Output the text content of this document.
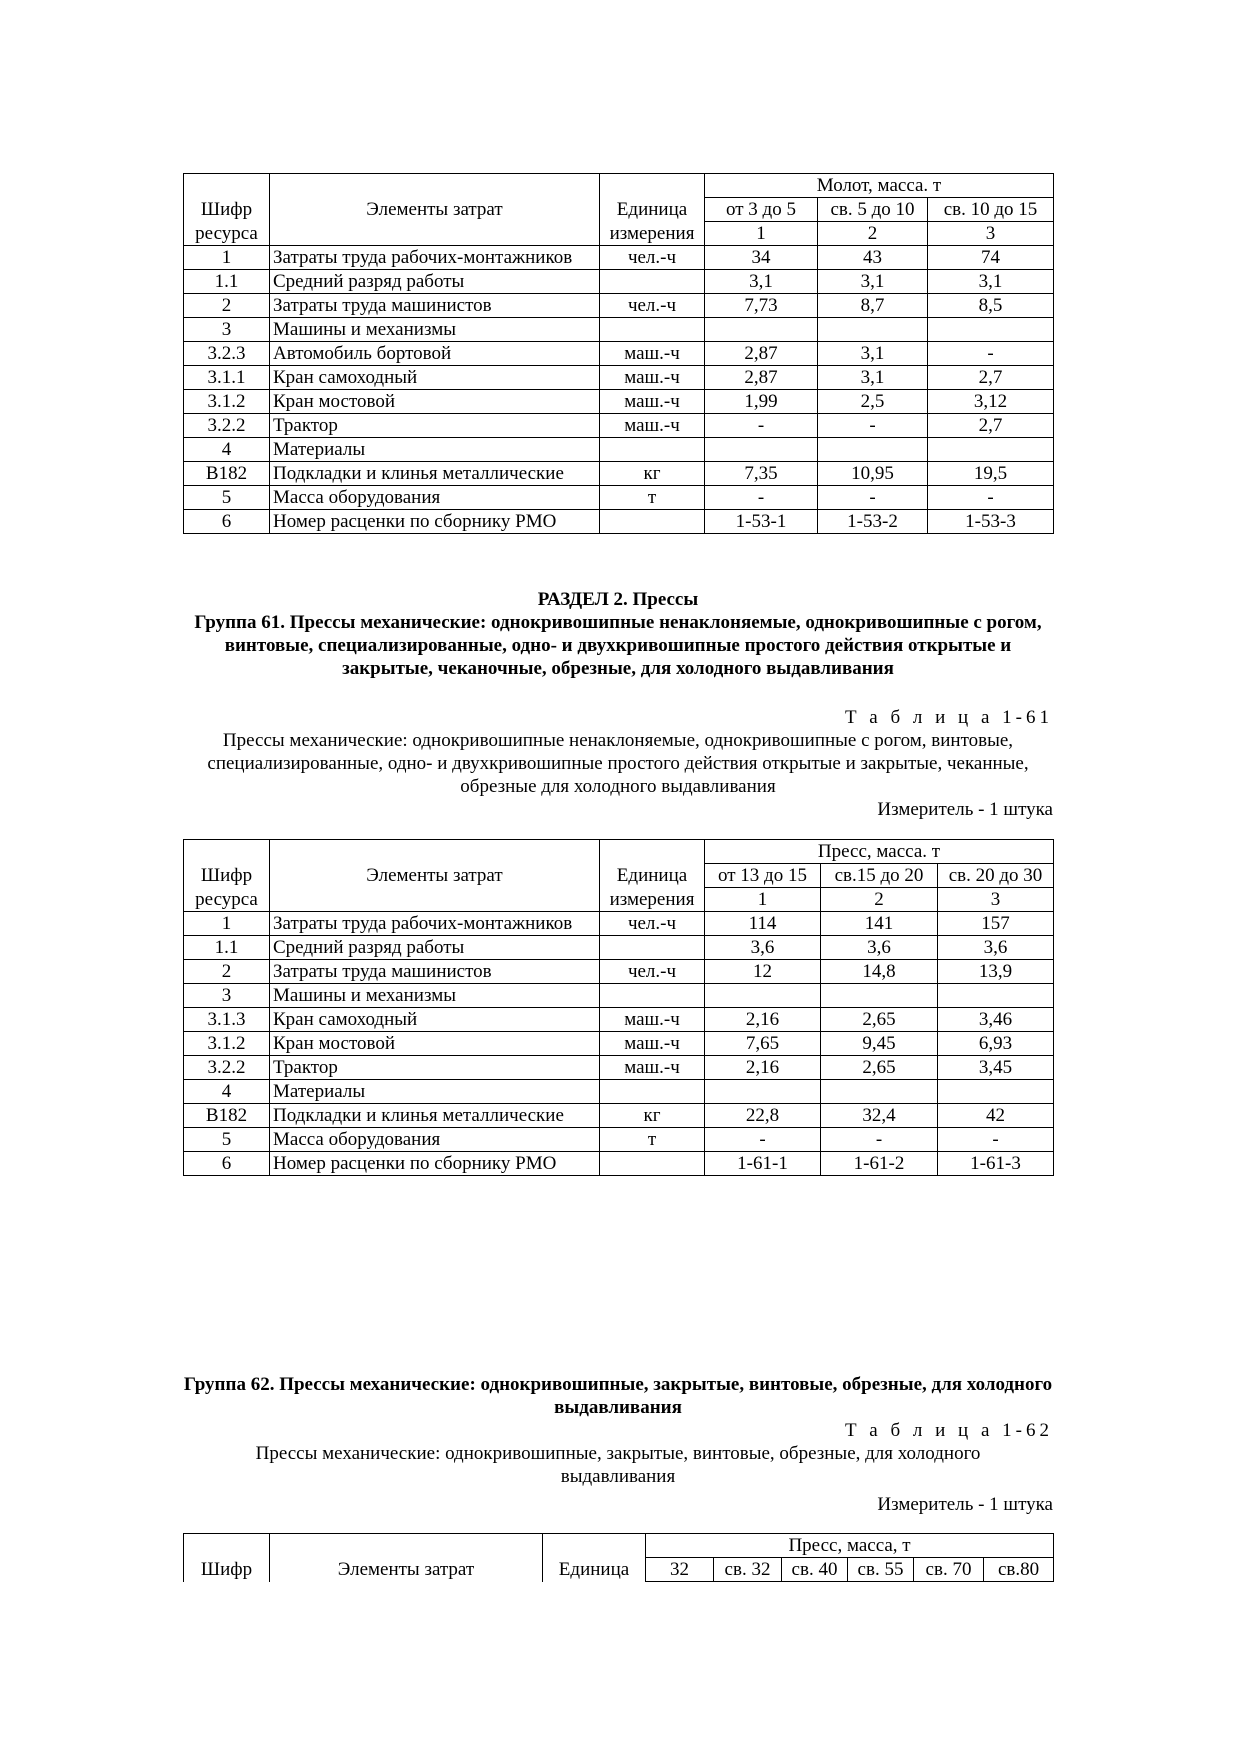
			Молот, масса. т		
Шифр	Элементы затрат	Единица	от 3 до 5	св. 5 до 10	св. 10 до 15
ресурса		измерения	1	2	3
1	Затраты труда рабочих-монтажников	чел.-ч	34	43	74
1.1	Средний разряд работы		3,1	3,1	3,1
2	Затраты труда машинистов	чел.-ч	7,73	8,7	8,5
3	Машины и механизмы				
3.2.3	Автомобиль бортовой	маш.-ч	2,87	3,1	-
3.1.1	Кран самоходный	маш.-ч	2,87	3,1	2,7
3.1.2	Кран мостовой	маш.-ч	1,99	2,5	3,12
3.2.2	Трактор	маш.-ч	-	-	2,7
4	Материалы				
В182	Подкладки и клинья металлические	кг	7,35	10,95	19,5
5	Масса оборудования	т	-	-	-
6	Номер расценки по сборнику РМО		1-53-1	1-53-2	1-53-3
РАЗДЕЛ 2. Прессы
Группа 61. Прессы механические: однокривошипные ненаклоняемые, однокривошипные с рогом, винтовые, специализированные, одно- и двухкривошипные простого действия открытые и закрытые, чеканочные, обрезные, для холодного выдавливания
Т а б л и ц а 1-61
Прессы механические: однокривошипные ненаклоняемые, однокривошипные с рогом, винтовые, специализированные, одно- и двухкривошипные простого действия открытые и закрытые, чеканные, обрезные для холодного выдавливания
Измеритель - 1 штука
			Пресс, масса. т		
Шифр	Элементы затрат	Единица	от 13 до 15	св.15 до 20	св. 20 до 30
ресурса		измерения	1	2	3
1	Затраты труда рабочих-монтажников	чел.-ч	114	141	157
1.1	Средний разряд работы		3,6	3,6	3,6
2	Затраты труда машинистов	чел.-ч	12	14,8	13,9
3	Машины и механизмы				
3.1.3	Кран самоходный	маш.-ч	2,16	2,65	3,46
3.1.2	Кран мостовой	маш.-ч	7,65	9,45	6,93
3.2.2	Трактор	маш.-ч	2,16	2,65	3,45
4	Материалы				
В182	Подкладки и клинья металлические	кг	22,8	32,4	42
5	Масса оборудования	т	-	-	-
6	Номер расценки по сборнику РМО		1-61-1	1-61-2	1-61-3
Группа 62. Прессы механические: однокривошипные, закрытые, винтовые, обрезные, для холодного выдавливания
Т а б л и ц а 1-62
Прессы механические: однокривошипные, закрытые, винтовые, обрезные, для холодного выдавливания
Измеритель - 1 штука
			Пресс, масса, т					
Шифр	Элементы затрат	Единица	32	св. 32	св. 40	св. 55	св. 70	св.80
